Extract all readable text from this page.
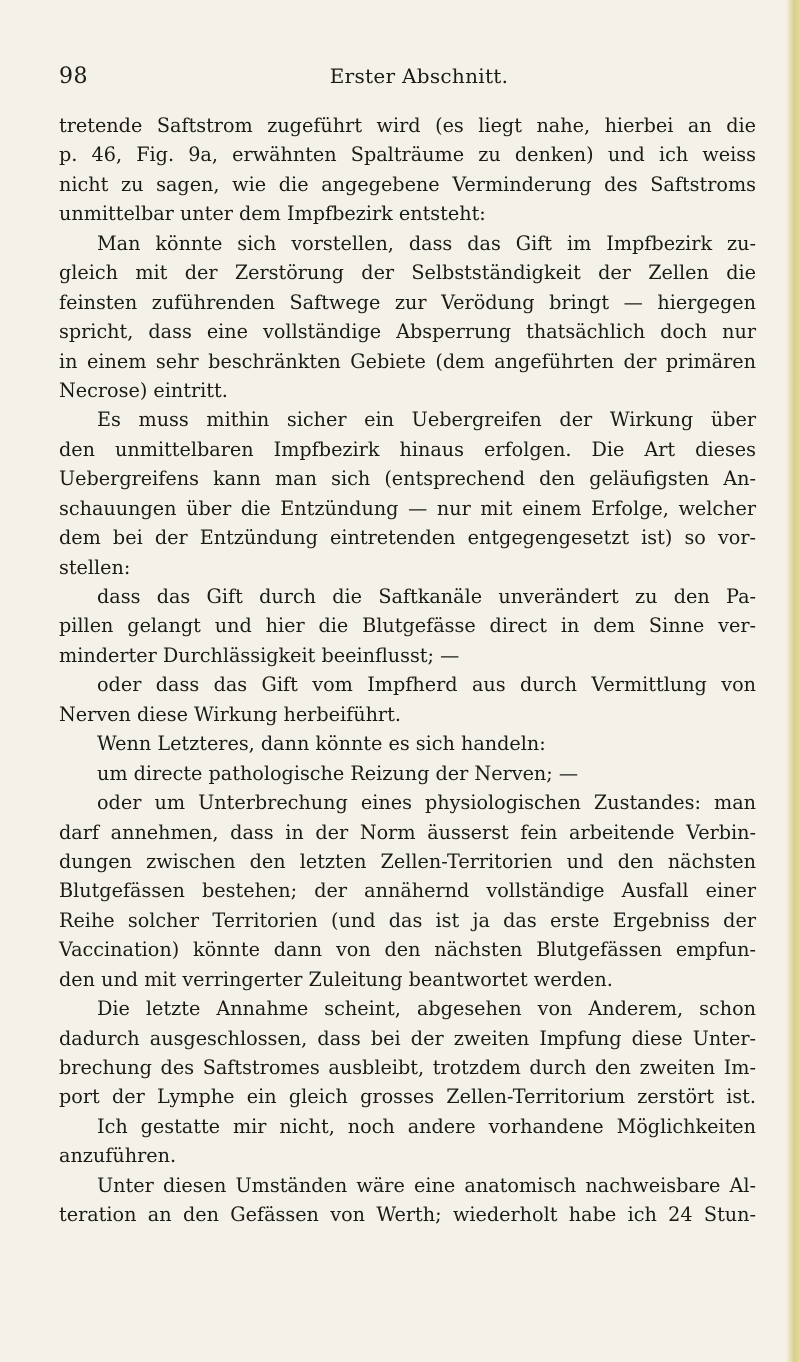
98	Erster Abschnitt.
tretende Saftstrom zugeführt wird (es liegt nahe, hierbei an die
p. 46, Fig. 9a, erwähnten Spalträume zu denken) und ich weiss
nicht zu sagen, wie die angegebene Verminderung des Saftstroms
unmittelbar unter dem Impfbezirk entsteht:
Man könnte sich vorstellen, dass das Gift im Impfbezirk zu-
gleich mit der Zerstörung der Selbstständigkeit der Zellen die
feinsten zuführenden Saftwege zur Verödung bringt — hiergegen
spricht, dass eine vollständige Absperrung thatsächlich doch nur
in einem sehr beschränkten Gebiete (dem angeführten der primären
Necrose) eintritt.
Es muss mithin sicher ein Uebergreifen der Wirkung über
den unmittelbaren Impfbezirk hinaus erfolgen. Die Art dieses
Uebergreifens kann man sich (entsprechend den geläufigsten An-
schauungen über die Entzündung — nur mit einem Erfolge, welcher
dem bei der Entzündung eintretenden entgegengesetzt ist) so vor-
stellen:
dass das Gift durch die Saftkanäle unverändert zu den Pa-
pillen gelangt und hier die Blutgefässe direct in dem Sinne ver-
minderter Durchlässigkeit beeinflusst; —
oder dass das Gift vom Impfherd aus durch Vermittlung von
Nerven diese Wirkung herbeiführt.
Wenn Letzteres, dann könnte es sich handeln:
um directe pathologische Reizung der Nerven; —
oder um Unterbrechung eines physiologischen Zustandes: man
darf annehmen, dass in der Norm äusserst fein arbeitende Verbin-
dungen zwischen den letzten Zellen-Territorien und den nächsten
Blutgefässen bestehen; der annähernd vollständige Ausfall einer
Reihe solcher Territorien (und das ist ja das erste Ergebniss der
Vaccination) könnte dann von den nächsten Blutgefässen empfun-
den und mit verringerter Zuleitung beantwortet werden.
Die letzte Annahme scheint, abgesehen von Anderem, schon
dadurch ausgeschlossen, dass bei der zweiten Impfung diese Unter-
brechung des Saftstromes ausbleibt, trotzdem durch den zweiten Im-
port der Lymphe ein gleich grosses Zellen-Territorium zerstört ist.
Ich gestatte mir nicht, noch andere vorhandene Möglichkeiten
anzuführen.
Unter diesen Umständen wäre eine anatomisch nachweisbare Al-
teration an den Gefässen von Werth; wiederholt habe ich 24 Stun-
